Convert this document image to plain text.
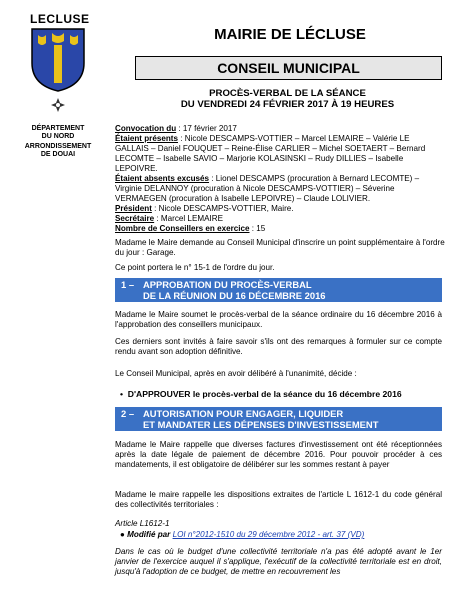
LECLUSE
MAIRIE DE LÉCLUSE
CONSEIL MUNICIPAL
PROCÈS-VERBAL DE LA SÉANCE
DU VENDREDI 24 FÉVRIER 2017 À 19 HEURES
DÉPARTEMENT
DU NORD
ARRONDISSEMENT
DE DOUAI
Convocation du : 17 février 2017
Étaient présents : Nicole DESCAMPS-VOTTIER – Marcel LEMAIRE – Valérie LE GALLAIS – Daniel FOUQUET – Reine-Élise CARLIER – Michel SOETAERT – Bernard LECOMTE – Isabelle SAVIO – Marjorie KOLASINSKI – Rudy DILLIES – Isabelle LEPOIVRE.
Étaient absents excusés : Lionel DESCAMPS (procuration à Bernard LECOMTE) – Virginie DELANNOY (procuration à Nicole DESCAMPS-VOTTIER) – Séverine VERMAEGEN (procuration à Isabelle LEPOIVRE) – Claude LOLIVIER.
Président : Nicole DESCAMPS-VOTTIER, Maire.
Secrétaire : Marcel LEMAIRE
Nombre de Conseillers en exercice : 15
Madame le Maire demande au Conseil Municipal d'inscrire un point supplémentaire à l'ordre du jour : Garage.
Ce point portera le n° 15-1 de l'ordre du jour.
1 – APPROBATION DU PROCÈS-VERBAL
DE LA RÉUNION DU 16 DÉCEMBRE 2016
Madame le Maire soumet le procès-verbal de la séance ordinaire du 16 décembre 2016 à l'approbation des conseillers municipaux.
Ces derniers sont invités à faire savoir s'ils ont des remarques à formuler sur ce compte rendu avant son adoption définitive.
Le Conseil Municipal, après en avoir délibéré à l'unanimité, décide :
•  D'APPROUVER le procès-verbal de la séance du 16 décembre 2016
2 – AUTORISATION POUR ENGAGER, LIQUIDER
ET MANDATER LES DÉPENSES D'INVESTISSEMENT
Madame le Maire rappelle que diverses factures d'investissement ont été réceptionnées après la date légale de paiement de décembre 2016. Pour pouvoir procéder à ces mandatements, il est obligatoire de délibérer sur les sommes restant à payer
Madame le maire rappelle les dispositions extraites de l'article L 1612-1 du code général des collectivités territoriales :
Article L1612-1
● Modifié par LOI n°2012-1510 du 29 décembre 2012 - art. 37 (VD)
Dans le cas où le budget d'une collectivité territoriale n'a pas été adopté avant le 1er janvier de l'exercice auquel il s'applique, l'exécutif de la collectivité territoriale est en droit, jusqu'à l'adoption de ce budget, de mettre en recouvrement les
